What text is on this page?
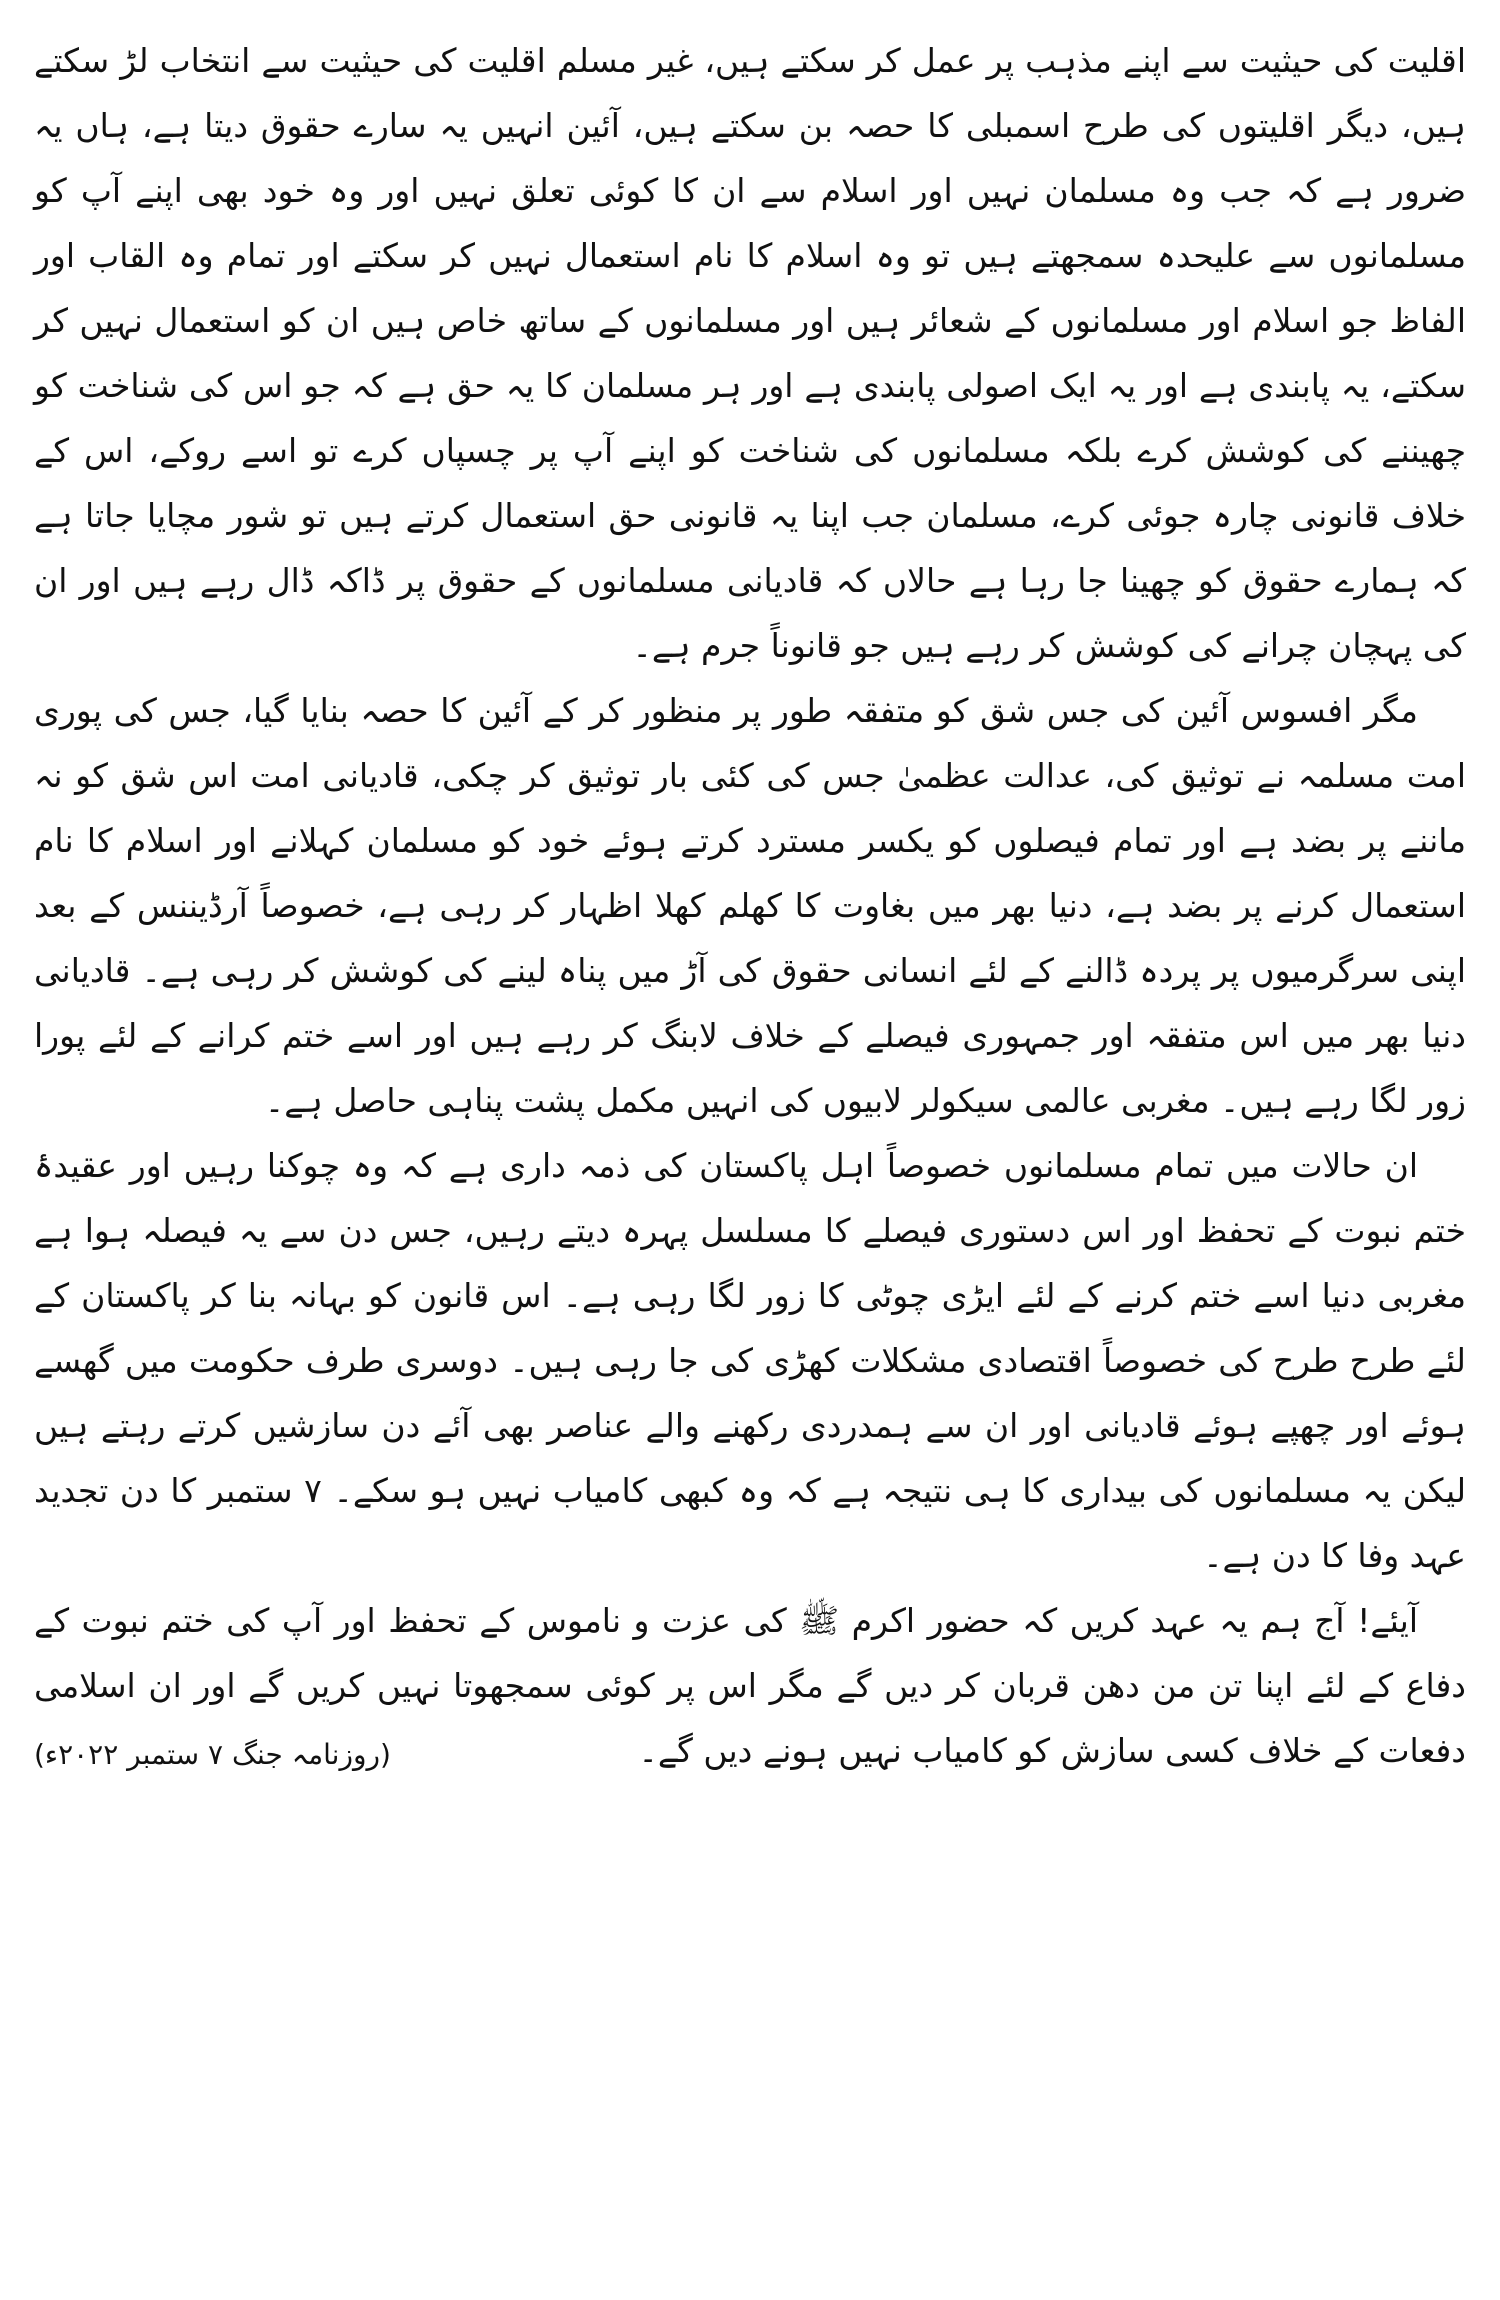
اقلیت کی حیثیت سے اپنے مذہب پر عمل کر سکتے ہیں، غیر مسلم اقلیت کی حیثیت سے انتخاب لڑ سکتے ہیں، دیگر اقلیتوں کی طرح اسمبلی کا حصہ بن سکتے ہیں، آئین انہیں یہ سارے حقوق دیتا ہے، ہاں یہ ضرور ہے کہ جب وہ مسلمان نہیں اور اسلام سے ان کا کوئی تعلق نہیں اور وہ خود بھی اپنے آپ کو مسلمانوں سے علیحدہ سمجھتے ہیں تو وہ اسلام کا نام استعمال نہیں کر سکتے اور تمام وہ القاب اور الفاظ جو اسلام اور مسلمانوں کے شعائر ہیں اور مسلمانوں کے ساتھ خاص ہیں ان کو استعمال نہیں کر سکتے، یہ پابندی ہے اور یہ ایک اصولی پابندی ہے اور ہر مسلمان کا یہ حق ہے کہ جو اس کی شناخت کو چھیننے کی کوشش کرے بلکہ مسلمانوں کی شناخت کو اپنے آپ پر چسپاں کرے تو اسے روکے، اس کے خلاف قانونی چارہ جوئی کرے، مسلمان جب اپنا یہ قانونی حق استعمال کرتے ہیں تو شور مچایا جاتا ہے کہ ہمارے حقوق کو چھینا جا رہا ہے حالاں کہ قادیانی مسلمانوں کے حقوق پر ڈاکہ ڈال رہے ہیں اور ان کی پہچان چرانے کی کوشش کر رہے ہیں جو قانوناً جرم ہے۔

مگر افسوس آئین کی جس شق کو متفقہ طور پر منظور کر کے آئین کا حصہ بنایا گیا، جس کی پوری امت مسلمہ نے توثیق کی، عدالت عظمیٰ جس کی کئی بار توثیق کر چکی، قادیانی امت اس شق کو نہ ماننے پر بضد ہے اور تمام فیصلوں کو یکسر مسترد کرتے ہوئے خود کو مسلمان کہلانے اور اسلام کا نام استعمال کرنے پر بضد ہے، دنیا بھر میں بغاوت کا کھلم کھلا اظہار کر رہی ہے، خصوصاً آرڈیننس کے بعد اپنی سرگرمیوں پر پردہ ڈالنے کے لئے انسانی حقوق کی آڑ میں پناہ لینے کی کوشش کر رہی ہے۔ قادیانی دنیا بھر میں اس متفقہ اور جمہوری فیصلے کے خلاف لابنگ کر رہے ہیں اور اسے ختم کرانے کے لئے پورا زور لگا رہے ہیں۔ مغربی عالمی سیکولر لابیوں کی انہیں مکمل پشت پناہی حاصل ہے۔

ان حالات میں تمام مسلمانوں خصوصاً اہل پاکستان کی ذمہ داری ہے کہ وہ چوکنا رہیں اور عقیدۂ ختم نبوت کے تحفظ اور اس دستوری فیصلے کا مسلسل پہرہ دیتے رہیں، جس دن سے یہ فیصلہ ہوا ہے مغربی دنیا اسے ختم کرنے کے لئے ایڑی چوٹی کا زور لگا رہی ہے۔ اس قانون کو بہانہ بنا کر پاکستان کے لئے طرح طرح کی خصوصاً اقتصادی مشکلات کھڑی کی جا رہی ہیں۔ دوسری طرف حکومت میں گھسے ہوئے اور چھپے ہوئے قادیانی اور ان سے ہمدردی رکھنے والے عناصر بھی آئے دن سازشیں کرتے رہتے ہیں لیکن یہ مسلمانوں کی بیداری کا ہی نتیجہ ہے کہ وہ کبھی کامیاب نہیں ہو سکے۔ ۷ ستمبر کا دن تجدید عہد وفا کا دن ہے۔

آیئے! آج ہم یہ عہد کریں کہ حضور اکرم ﷺ کی عزت و ناموس کے تحفظ اور آپ کی ختم نبوت کے دفاع کے لئے اپنا تن من دھن قربان کر دیں گے مگر اس پر کوئی سمجھوتا نہیں کریں گے اور ان اسلامی دفعات کے خلاف کسی سازش کو کامیاب نہیں ہونے دیں گے۔
(روزنامہ جنگ ۷ ستمبر ۲۰۲۲ء)
